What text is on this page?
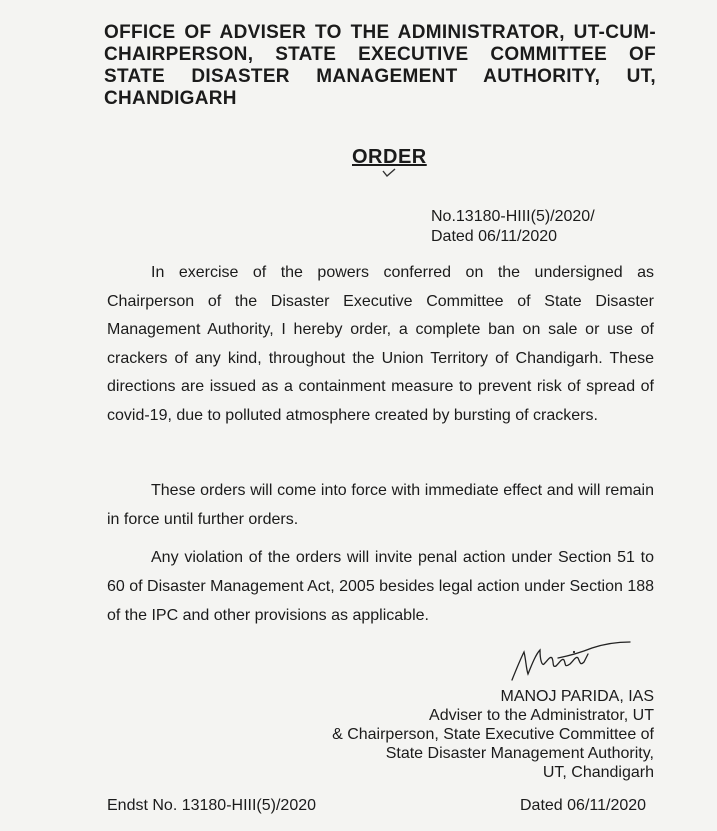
OFFICE OF ADVISER TO THE ADMINISTRATOR, UT-CUM-CHAIRPERSON, STATE EXECUTIVE COMMITTEE OF STATE DISASTER MANAGEMENT AUTHORITY, UT, CHANDIGARH
ORDER
No.13180-HIII(5)/2020/
Dated 06/11/2020

In exercise of the powers conferred on the undersigned as Chairperson of the Disaster Executive Committee of State Disaster Management Authority, I hereby order, a complete ban on sale or use of crackers of any kind, throughout the Union Territory of Chandigarh. These directions are issued as a containment measure to prevent risk of spread of covid-19, due to polluted atmosphere created by bursting of crackers.

These orders will come into force with immediate effect and will remain in force until further orders.

Any violation of the orders will invite penal action under Section 51 to 60 of Disaster Management Act, 2005 besides legal action under Section 188 of the IPC and other provisions as applicable.

MANOJ PARIDA, IAS
Adviser to the Administrator, UT
& Chairperson, State Executive Committee of
State Disaster Management Authority,
UT, Chandigarh
Endst No. 13180-HIII(5)/2020	Dated 06/11/2020
